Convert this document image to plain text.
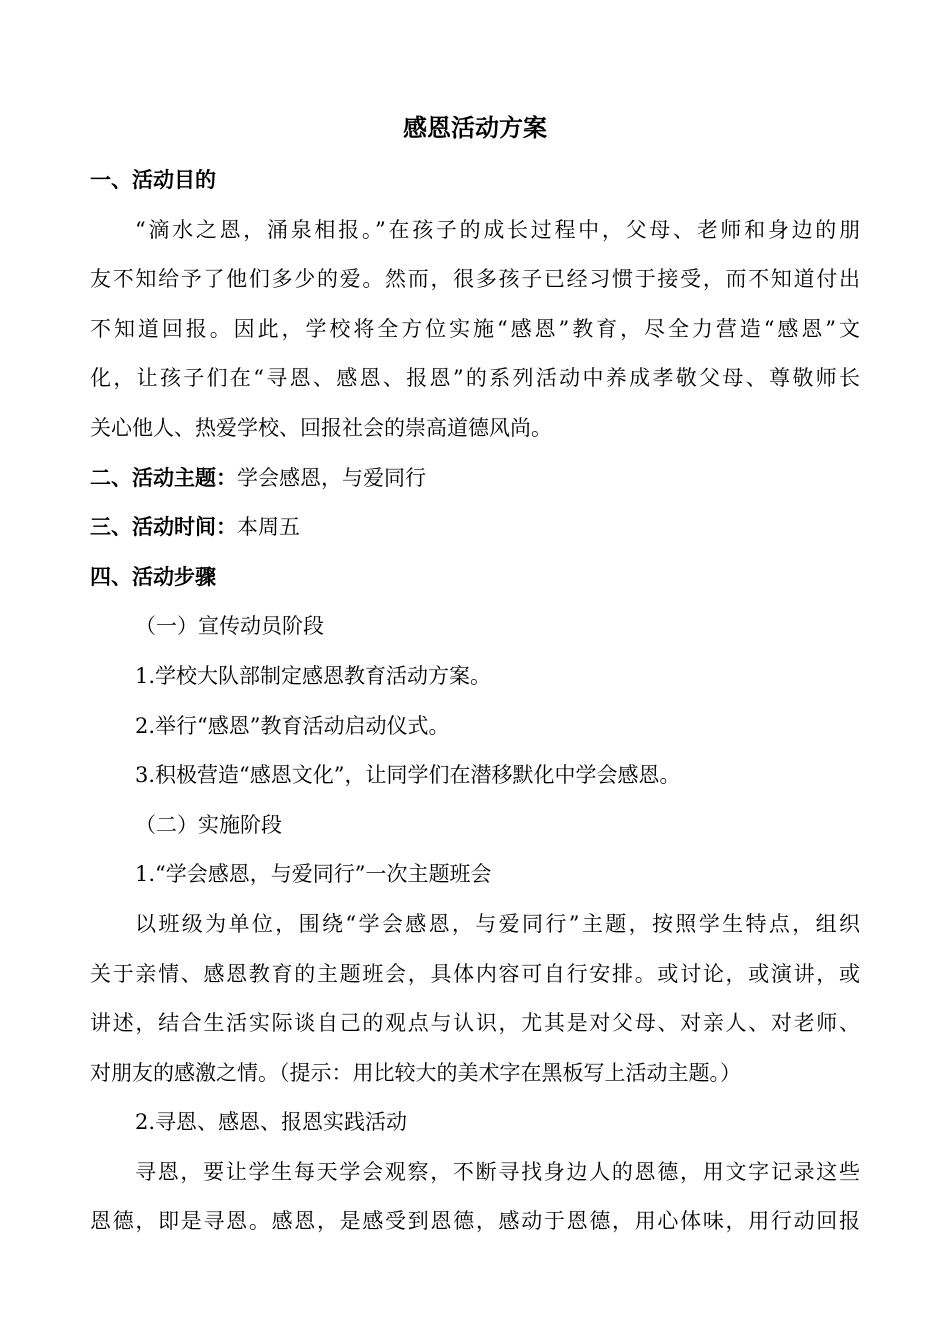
感恩活动方案
一、活动目的
“滴水之恩，涌泉相报。”在孩子的成长过程中，父母、老师和身边的朋
友不知给予了他们多少的爱。然而，很多孩子已经习惯于接受，而不知道付出
不知道回报。因此，学校将全方位实施“感恩”教育，尽全力营造“感恩”文
化，让孩子们在“寻恩、感恩、报恩”的系列活动中养成孝敬父母、尊敬师长
关心他人、热爱学校、回报社会的崇高道德风尚。
二、活动主题：学会感恩，与爱同行
三、活动时间：本周五
四、活动步骤
（一）宣传动员阶段
1.学校大队部制定感恩教育活动方案。
2.举行“感恩”教育活动启动仪式。
3.积极营造“感恩文化”，让同学们在潜移默化中学会感恩。
（二）实施阶段
1.“学会感恩，与爱同行”一次主题班会
以班级为单位，围绕“学会感恩，与爱同行”主题，按照学生特点，组织
关于亲情、感恩教育的主题班会，具体内容可自行安排。或讨论，或演讲，或
讲述，结合生活实际谈自己的观点与认识，尤其是对父母、对亲人、对老师、
对朋友的感激之情。（提示：用比较大的美术字在黑板写上活动主题。）
2.寻恩、感恩、报恩实践活动
寻恩，要让学生每天学会观察，不断寻找身边人的恩德，用文字记录这些
恩德，即是寻恩。感恩，是感受到恩德，感动于恩德，用心体味，用行动回报
